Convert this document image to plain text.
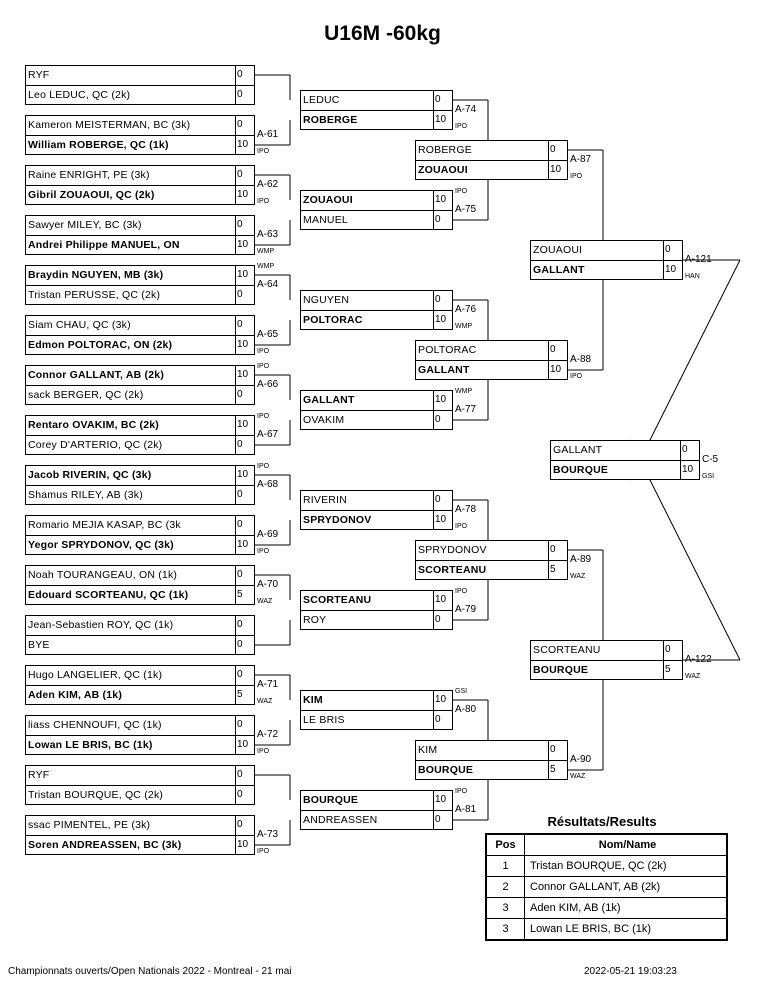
U16M -60kg
RYF	0
Leo LEDUC, QC (2k)	0
Kameron MEISTERMAN, BC (3k)	0
William ROBERGE, QC (1k)	10
A-61
IPO
Raine ENRIGHT, PE (3k)	0
Gibril ZOUAOUI, QC (2k)	10
A-62
IPO
Sawyer MILEY, BC (3k)	0
Andrei Philippe MANUEL, ON	10
A-63
WMP
Braydin NGUYEN, MB (3k)	10
Tristan PERUSSE, QC (2k)	0
A-64
WMP
Siam CHAU, QC (3k)	0
Edmon POLTORAC, ON (2k)	10
A-65
IPO
Connor GALLANT, AB (2k)	10
sack BERGER, QC (2k)	0
A-66
IPO
Rentaro OVAKIM, BC (2k)	10
Corey D'ARTERIO, QC (2k)	0
A-67
IPO
Jacob RIVERIN, QC (3k)	10
Shamus RILEY, AB (3k)	0
A-68
IPO
Romario MEJIA KASAP, BC (3k	0
Yegor SPRYDONOV, QC (3k)	10
A-69
IPO
Noah TOURANGEAU, ON (1k)	0
Edouard SCORTEANU, QC (1k)	5
A-70
WAZ
Jean-Sebastien ROY, QC (1k)	0
BYE	0
Hugo LANGELIER, QC (1k)	0
Aden KIM, AB (1k)	5
A-71
WAZ
liass CHENNOUFI, QC (1k)	0
Lowan LE BRIS, BC (1k)	10
A-72
IPO
RYF	0
Tristan BOURQUE, QC (2k)	0
ssac PIMENTEL, PE (3k)	0
Soren ANDREASSEN, BC (3k)	10
A-73
IPO
LEDUC	0
ROBERGE	10
A-74
IPO
ZOUAOUI	10
MANUEL	0
A-75
IPO
NGUYEN	0
POLTORAC	10
A-76
WMP
GALLANT	10
OVAKIM	0
A-77
WMP
RIVERIN	0
SPRYDONOV	10
A-78
IPO
SCORTEANU	10
ROY	0
A-79
IPO
KIM	10
LE BRIS	0
A-80
GSI
BOURQUE	10
ANDREASSEN	0
A-81
IPO
ROBERGE	0
ZOUAOUI	10
A-87
IPO
POLTORAC	0
GALLANT	10
A-88
IPO
SPRYDONOV	0
SCORTEANU	5
A-89
WAZ
KIM	0
BOURQUE	5
A-90
WAZ
ZOUAOUI	0
GALLANT	10
A-121
HAN
SCORTEANU	0
BOURQUE	5
A-122
WAZ
GALLANT	0
BOURQUE	10
C-5
GSI
Résultats/Results
Pos	Nom/Name
1	Tristan BOURQUE, QC (2k)
2	Connor GALLANT, AB (2k)
3	Aden KIM, AB (1k)
3	Lowan LE BRIS, BC (1k)
Championnats ouverts/Open Nationals 2022 - Montreal - 21 mai	2022-05-21 19:03:23
